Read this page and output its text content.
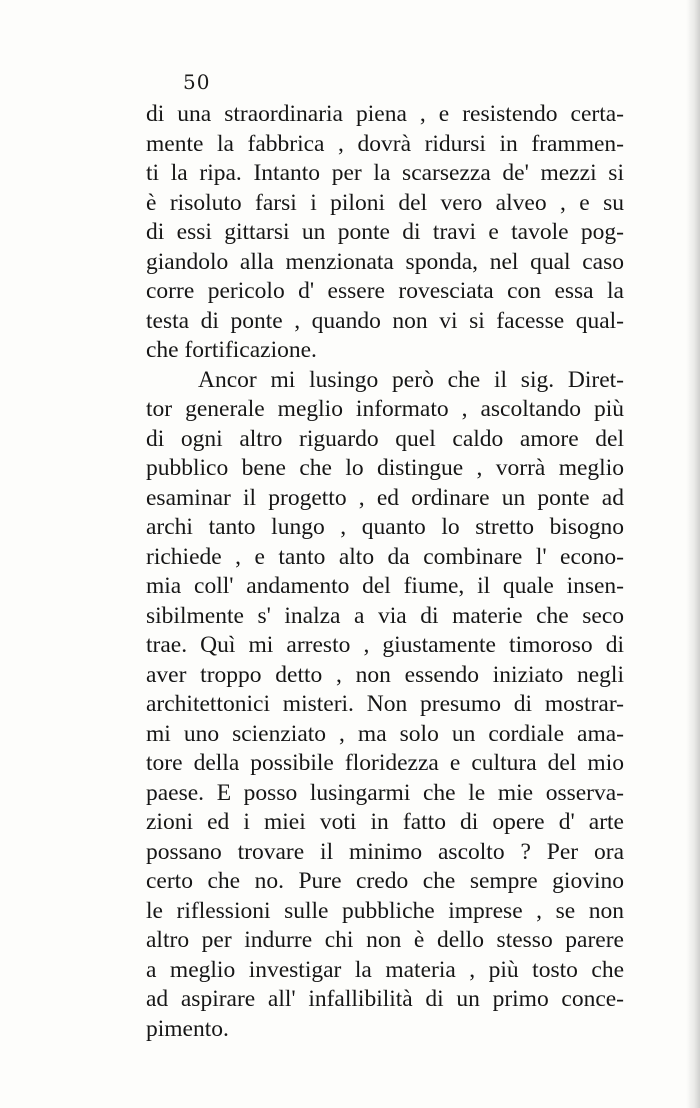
50
di una straordinaria piena , e resistendo certa-
mente la fabbrica , dovrà ridursi in frammen-
ti la ripa. Intanto per la scarsezza de' mezzi si
è risoluto farsi i piloni del vero alveo , e su
di essi gittarsi un ponte di travi e tavole pog-
giandolo alla menzionata sponda, nel qual caso
corre pericolo d' essere rovesciata con essa la
testa di ponte , quando non vi si facesse qual-
che fortificazione.
Ancor mi lusingo però che il sig. Diret-
tor generale meglio informato , ascoltando più
di ogni altro riguardo quel caldo amore del
pubblico bene che lo distingue , vorrà meglio
esaminar il progetto , ed ordinare un ponte ad
archi tanto lungo , quanto lo stretto bisogno
richiede , e tanto alto da combinare l' econo-
mia coll' andamento del fiume, il quale insen-
sibilmente s' inalza a via di materie che seco
trae. Quì mi arresto , giustamente timoroso di
aver troppo detto , non essendo iniziato negli
architettonici misteri. Non presumo di mostrar-
mi uno scienziato , ma solo un cordiale ama-
tore della possibile floridezza e cultura del mio
paese. E posso lusingarmi che le mie osserva-
zioni ed i miei voti in fatto di opere d' arte
possano trovare il minimo ascolto ? Per ora
certo che no. Pure credo che sempre giovino
le riflessioni sulle pubbliche imprese , se non
altro per indurre chi non è dello stesso parere
a meglio investigar la materia , più tosto che
ad aspirare all' infallibilità di un primo conce-
pimento.
